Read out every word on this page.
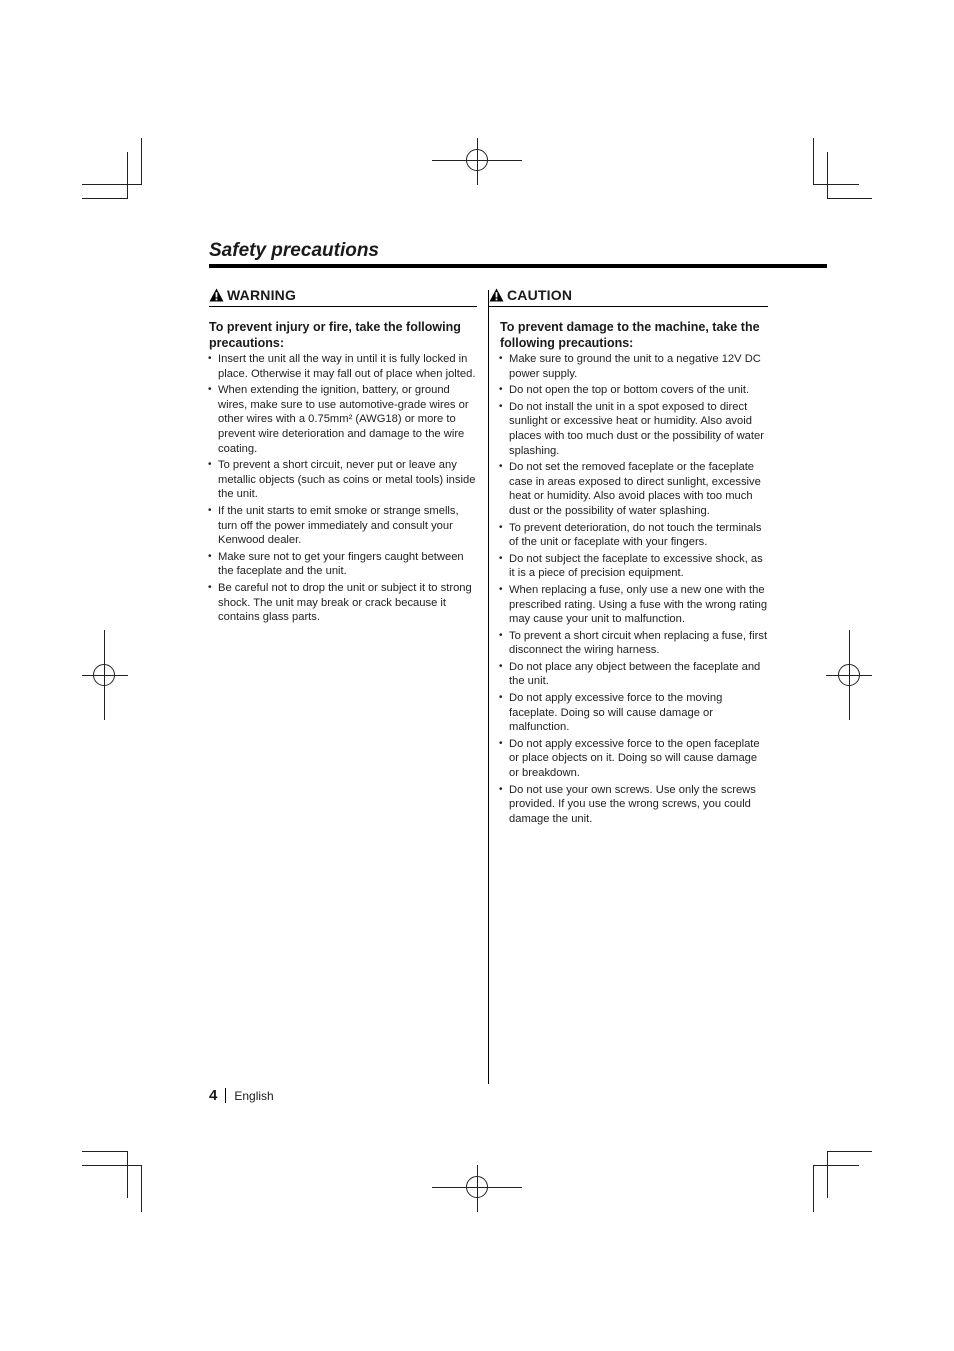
Safety precautions
WARNING

To prevent injury or fire, take the following precautions:

• Insert the unit all the way in until it is fully locked in place. Otherwise it may fall out of place when jolted.
• When extending the ignition, battery, or ground wires, make sure to use automotive-grade wires or other wires with a 0.75mm² (AWG18) or more to prevent wire deterioration and damage to the wire coating.
• To prevent a short circuit, never put or leave any metallic objects (such as coins or metal tools) inside the unit.
• If the unit starts to emit smoke or strange smells, turn off the power immediately and consult your Kenwood dealer.
• Make sure not to get your fingers caught between the faceplate and the unit.
• Be careful not to drop the unit or subject it to strong shock. The unit may break or crack because it contains glass parts.
CAUTION

To prevent damage to the machine, take the following precautions:

• Make sure to ground the unit to a negative 12V DC power supply.
• Do not open the top or bottom covers of the unit.
• Do not install the unit in a spot exposed to direct sunlight or excessive heat or humidity. Also avoid places with too much dust or the possibility of water splashing.
• Do not set the removed faceplate or the faceplate case in areas exposed to direct sunlight, excessive heat or humidity. Also avoid places with too much dust or the possibility of water splashing.
• To prevent deterioration, do not touch the terminals of the unit or faceplate with your fingers.
• Do not subject the faceplate to excessive shock, as it is a piece of precision equipment.
• When replacing a fuse, only use a new one with the prescribed rating. Using a fuse with the wrong rating may cause your unit to malfunction.
• To prevent a short circuit when replacing a fuse, first disconnect the wiring harness.
• Do not place any object between the faceplate and the unit.
• Do not apply excessive force to the moving faceplate. Doing so will cause damage or malfunction.
• Do not apply excessive force to the open faceplate or place objects on it. Doing so will cause damage or breakdown.
• Do not use your own screws. Use only the screws provided. If you use the wrong screws, you could damage the unit.
4 English
